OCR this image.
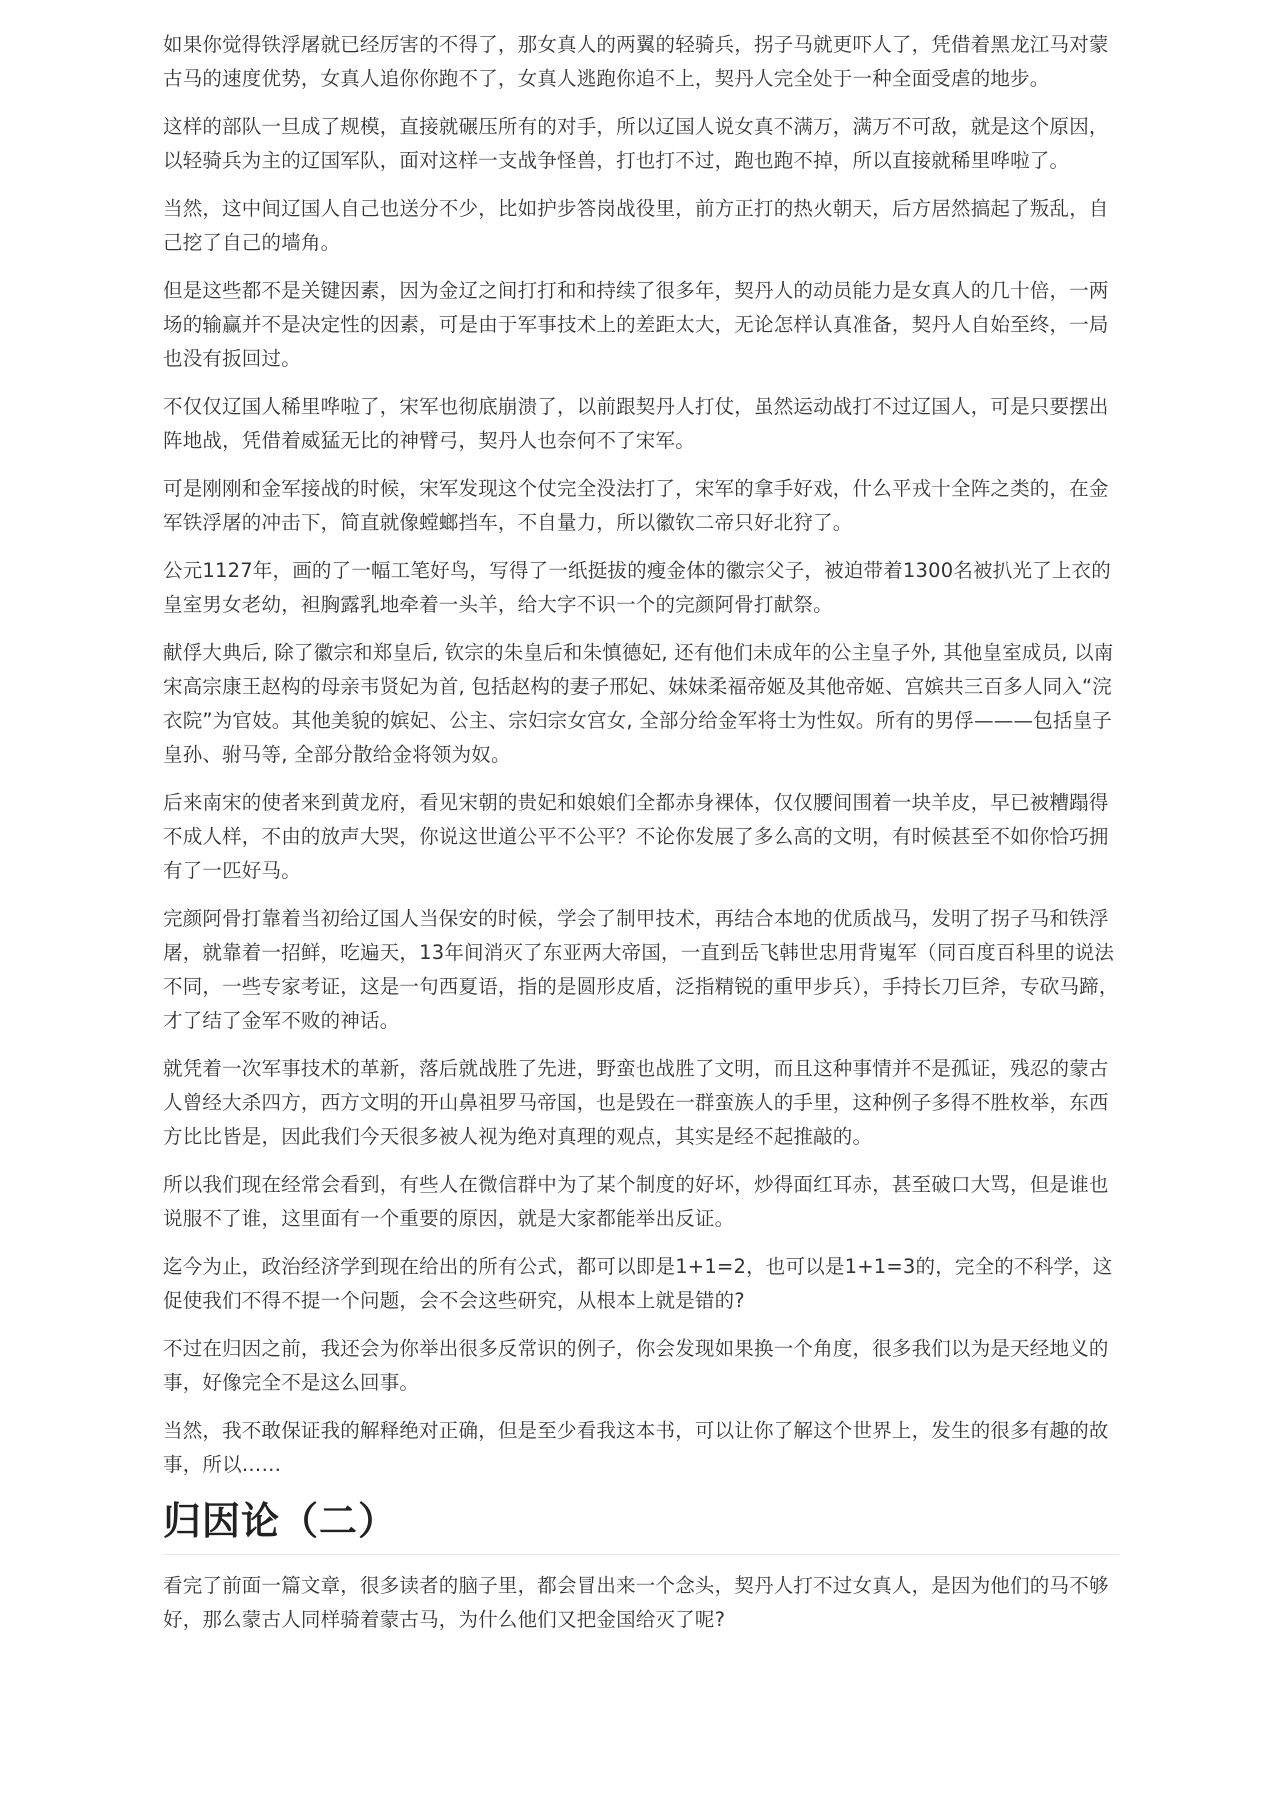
如果你觉得铁浮屠就已经厉害的不得了，那女真人的两翼的轻骑兵，拐子马就更吓人了，凭借着黑龙江马对蒙古马的速度优势，女真人追你你跑不了，女真人逃跑你追不上，契丹人完全处于一种全面受虐的地步。

这样的部队一旦成了规模，直接就碾压所有的对手，所以辽国人说女真不满万，满万不可敌，就是这个原因，以轻骑兵为主的辽国军队，面对这样一支战争怪兽，打也打不过，跑也跑不掉，所以直接就稀里哗啦了。

当然，这中间辽国人自己也送分不少，比如护步答岗战役里，前方正打的热火朝天，后方居然搞起了叛乱，自己挖了自己的墙角。

但是这些都不是关键因素，因为金辽之间打打和和持续了很多年，契丹人的动员能力是女真人的几十倍，一两场的输赢并不是决定性的因素，可是由于军事技术上的差距太大，无论怎样认真准备，契丹人自始至终，一局也没有扳回过。

不仅仅辽国人稀里哗啦了，宋军也彻底崩溃了，以前跟契丹人打仗，虽然运动战打不过辽国人，可是只要摆出阵地战，凭借着威猛无比的神臂弓，契丹人也奈何不了宋军。

可是刚刚和金军接战的时候，宋军发现这个仗完全没法打了，宋军的拿手好戏，什么平戎十全阵之类的，在金军铁浮屠的冲击下，简直就像螳螂挡车，不自量力，所以徽钦二帝只好北狩了。

公元1127年，画的了一幅工笔好鸟，写得了一纸挺拔的瘦金体的徽宗父子，被迫带着1300名被扒光了上衣的皇室男女老幼，袒胸露乳地牵着一头羊，给大字不识一个的完颜阿骨打献祭。

献俘大典后, 除了徽宗和郑皇后, 钦宗的朱皇后和朱慎德妃, 还有他们未成年的公主皇子外, 其他皇室成员, 以南宋高宗康王赵构的母亲韦贤妃为首, 包括赵构的妻子邢妃、妹妹柔福帝姬及其他帝姬、宫嫔共三百多人同入“浣衣院”为官妓。其他美貌的嫔妃、公主、宗妇宗女宫女, 全部分给金军将士为性奴。所有的男俘———包括皇子皇孙、驸马等, 全部分散给金将领为奴。

后来南宋的使者来到黄龙府，看见宋朝的贵妃和娘娘们全都赤身裸体，仅仅腰间围着一块羊皮，早已被糟蹋得不成人样，不由的放声大哭，你说这世道公平不公平？不论你发展了多么高的文明，有时候甚至不如你恰巧拥有了一匹好马。

完颜阿骨打靠着当初给辽国人当保安的时候，学会了制甲技术，再结合本地的优质战马，发明了拐子马和铁浮屠，就靠着一招鲜，吃遍天，13年间消灭了东亚两大帝国，一直到岳飞韩世忠用背嵬军（同百度百科里的说法不同，一些专家考证，这是一句西夏语，指的是圆形皮盾，泛指精锐的重甲步兵），手持长刀巨斧，专砍马蹄，才了结了金军不败的神话。

就凭着一次军事技术的革新，落后就战胜了先进，野蛮也战胜了文明，而且这种事情并不是孤证，残忍的蒙古人曾经大杀四方，西方文明的开山鼻祖罗马帝国，也是毁在一群蛮族人的手里，这种例子多得不胜枚举，东西方比比皆是，因此我们今天很多被人视为绝对真理的观点，其实是经不起推敲的。

所以我们现在经常会看到，有些人在微信群中为了某个制度的好坏，炒得面红耳赤，甚至破口大骂，但是谁也说服不了谁，这里面有一个重要的原因，就是大家都能举出反证。

迄今为止，政治经济学到现在给出的所有公式，都可以即是1+1=2，也可以是1+1=3的，完全的不科学，这促使我们不得不提一个问题，会不会这些研究，从根本上就是错的?

不过在归因之前，我还会为你举出很多反常识的例子，你会发现如果换一个角度，很多我们以为是天经地义的事，好像完全不是这么回事。

当然，我不敢保证我的解释绝对正确，但是至少看我这本书，可以让你了解这个世界上，发生的很多有趣的故事，所以……

归因论（二）

看完了前面一篇文章，很多读者的脑子里，都会冒出来一个念头，契丹人打不过女真人，是因为他们的马不够好，那么蒙古人同样骑着蒙古马，为什么他们又把金国给灭了呢?
